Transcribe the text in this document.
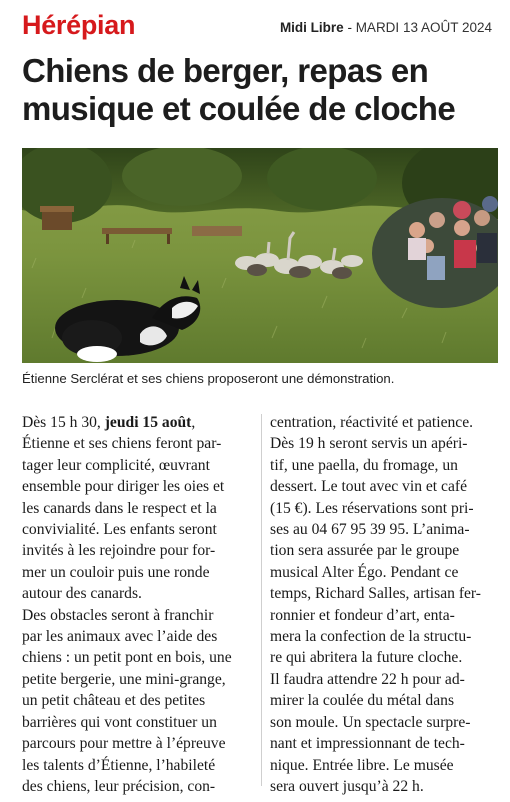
Hérépian	Midi Libre - MARDI 13 AOÛT 2024
Chiens de berger, repas en
musique et coulée de cloche
Étienne Serclérat et ses chiens proposeront une démonstration.

Dès 15 h 30, jeudi 15 août,

Étienne et ses chiens feront par-

tager leur complicité, œuvrant

ensemble pour diriger les oies et

les canards dans le respect et la

convivialité. Les enfants seront

invités à les rejoindre pour for-

mer un couloir puis une ronde

autour des canards.

Des obstacles seront à franchir

par les animaux avec l’aide des

chiens : un petit pont en bois, une

petite bergerie, une mini-grange,

un petit château et des petites

barrières qui vont constituer un

parcours pour mettre à l’épreuve

les talents d’Étienne, l’habileté

des chiens, leur précision, con-

centration, réactivité et patience.

Dès 19 h seront servis un apéri-

tif, une paella, du fromage, un

dessert. Le tout avec vin et café

(15 €). Les réservations sont pri-

ses au 04 67 95 39 95. L’anima-

tion sera assurée par le groupe

musical Alter Égo. Pendant ce

temps, Richard Salles, artisan fer-

ronnier et fondeur d’art, enta-

mera la confection de la structu-

re qui abritera la future cloche.

Il faudra attendre 22 h pour ad-

mirer la coulée du métal dans

son moule. Un spectacle surpre-

nant et impressionnant de tech-

nique. Entrée libre. Le musée

sera ouvert jusqu’à 22 h.
